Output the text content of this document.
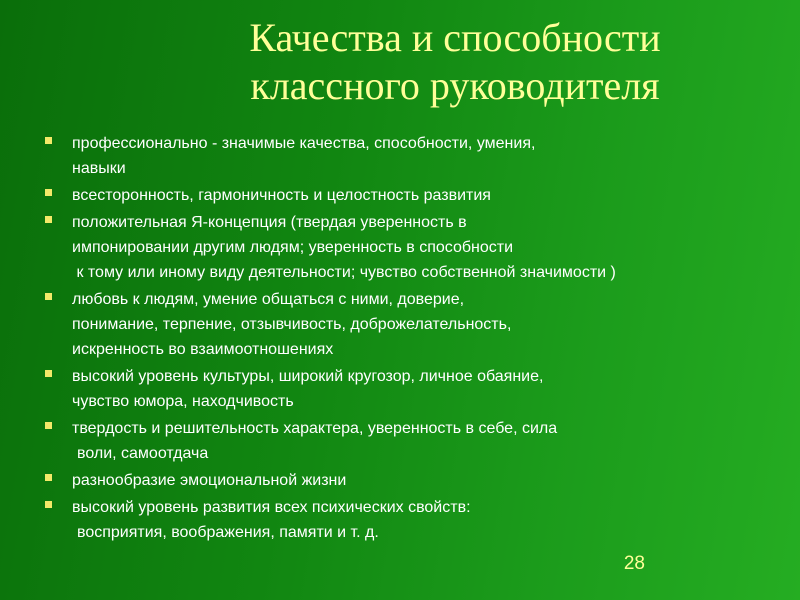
Качества и способности
классного руководителя
профессионально - значимые качества, способности, умения,
навыки
всесторонность, гармоничность и целостность развития
положительная Я-концепция (твердая уверенность в
импонировании другим людям; уверенность в способности
к тому или иному виду деятельности; чувство собственной значимости )
любовь к людям, умение общаться с ними, доверие,
понимание, терпение, отзывчивость, доброжелательность,
искренность во взаимоотношениях
высокий уровень культуры, широкий кругозор, личное обаяние,
чувство юмора, находчивость
твердость и решительность характера, уверенность в себе, сила
воли, самоотдача
разнообразие эмоциональной жизни
высокий уровень развития всех психических свойств:
восприятия, воображения, памяти и т. д.
28
